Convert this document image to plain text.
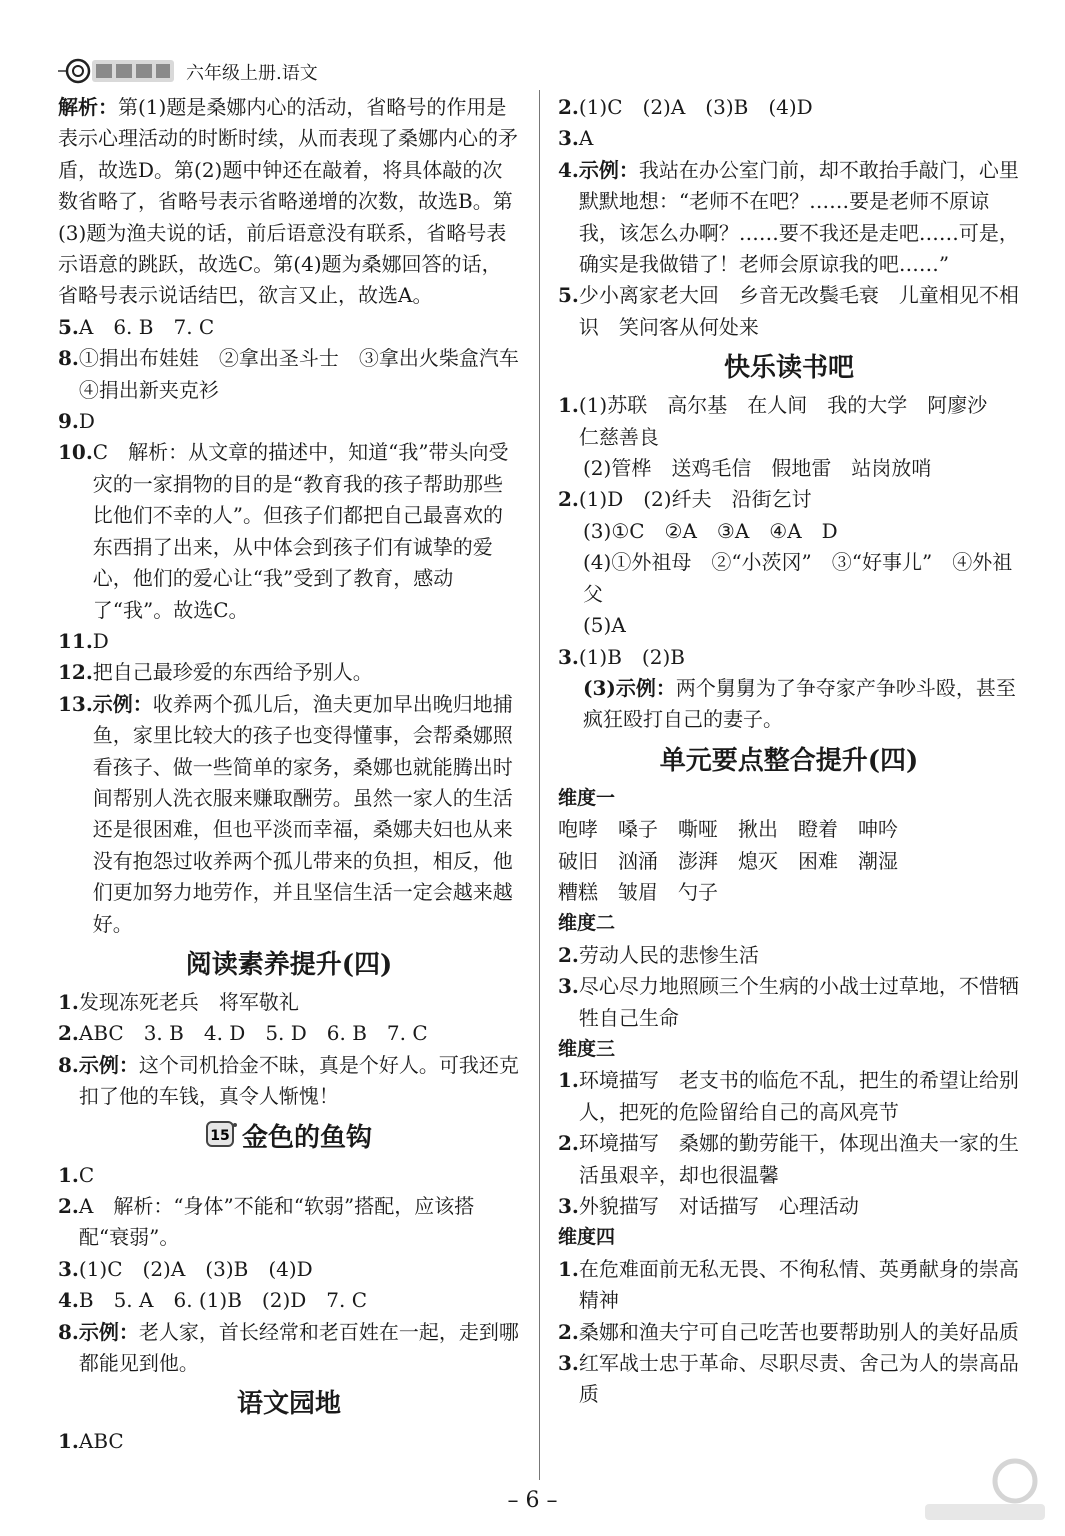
六年级上册.语文
解析：第(1)题是桑娜内心的活动，省略号的作用是表示心理活动的时断时续，从而表现了桑娜内心的矛盾，故选D。第(2)题中钟还在敲着，将具体敲的次数省略了，省略号表示省略递增的次数，故选B。第(3)题为渔夫说的话，前后语意没有联系，省略号表示语意的跳跃，故选C。第(4)题为桑娜回答的话，省略号表示说话结巴，欲言又止，故选A。
5. A　6. B　7. C
8. ①捐出布娃娃　②拿出圣斗士　③拿出火柴盒汽车　④捐出新夹克衫
9. D
10. C　解析：从文章的描述中，知道“我”带头向受灾的一家捐物的目的是“教育我的孩子帮助那些比他们不幸的人”。但孩子们都把自己最喜欢的东西捐了出来，从中体会到孩子们有诚挚的爱心，他们的爱心让“我”受到了教育，感动了“我”。故选C。
11. D
12. 把自己最珍爱的东西给予别人。
13. 示例：收养两个孤儿后，渔夫更加早出晚归地捕鱼，家里比较大的孩子也变得懂事，会帮桑娜照看孩子、做一些简单的家务，桑娜也就能腾出时间帮别人洗衣服来赚取酬劳。虽然一家人的生活还是很困难，但也平淡而幸福，桑娜夫妇也从来没有抱怨过收养两个孤儿带来的负担，相反，他们更加努力地劳作，并且坚信生活一定会越来越好。
阅读素养提升(四)
1. 发现冻死老兵　将军敬礼
2. ABC　3. B　4. D　5. D　6. B　7. C
8. 示例：这个司机拾金不昧，真是个好人。可我还克扣了他的车钱，真令人惭愧！
15 金色的鱼钩
1. C
2. A　解析：“身体”不能和“软弱”搭配，应该搭配“衰弱”。
3. (1)C　(2)A　(3)B　(4)D
4. B　5. A　6. (1)B　(2)D　7. C
8. 示例：老人家，首长经常和老百姓在一起，走到哪都能见到他。
语文园地
1. ABC
2. (1)C　(2)A　(3)B　(4)D
3. A
4. 示例：我站在办公室门前，却不敢抬手敲门，心里默默地想：“老师不在吧？……要是老师不原谅我，该怎么办啊？……要不我还是走吧……可是，确实是我做错了！老师会原谅我的吧……”
5. 少小离家老大回　乡音无改鬓毛衰　儿童相见不相识　笑问客从何处来
快乐读书吧
1. (1)苏联　高尔基　在人间　我的大学　阿廖沙　仁慈善良
(2)管桦　送鸡毛信　假地雷　站岗放哨
2. (1)D　(2)纤夫　沿街乞讨
(3)①C　②A　③A　④A　D
(4)①外祖母　②“小茨冈”　③“好事儿”　④外祖父
(5)A
3. (1)B　(2)B
(3)示例：两个舅舅为了争夺家产争吵斗殴，甚至疯狂殴打自己的妻子。
单元要点整合提升(四)
维度一
咆哮　嗓子　嘶哑　揪出　瞪着　呻吟
破旧　汹涌　澎湃　熄灭　困难　潮湿
糟糕　皱眉　勺子
维度二
2. 劳动人民的悲惨生活
3. 尽心尽力地照顾三个生病的小战士过草地，不惜牺牲自己生命
维度三
1. 环境描写　老支书的临危不乱，把生的希望让给别人，把死的危险留给自己的高风亮节
2. 环境描写　桑娜的勤劳能干，体现出渔夫一家的生活虽艰辛，却也很温馨
3. 外貌描写　对话描写　心理活动
维度四
1. 在危难面前无私无畏、不徇私情、英勇献身的崇高精神
2. 桑娜和渔夫宁可自己吃苦也要帮助别人的美好品质
3. 红军战士忠于革命、尽职尽责、舍己为人的崇高品质
– 6 –
